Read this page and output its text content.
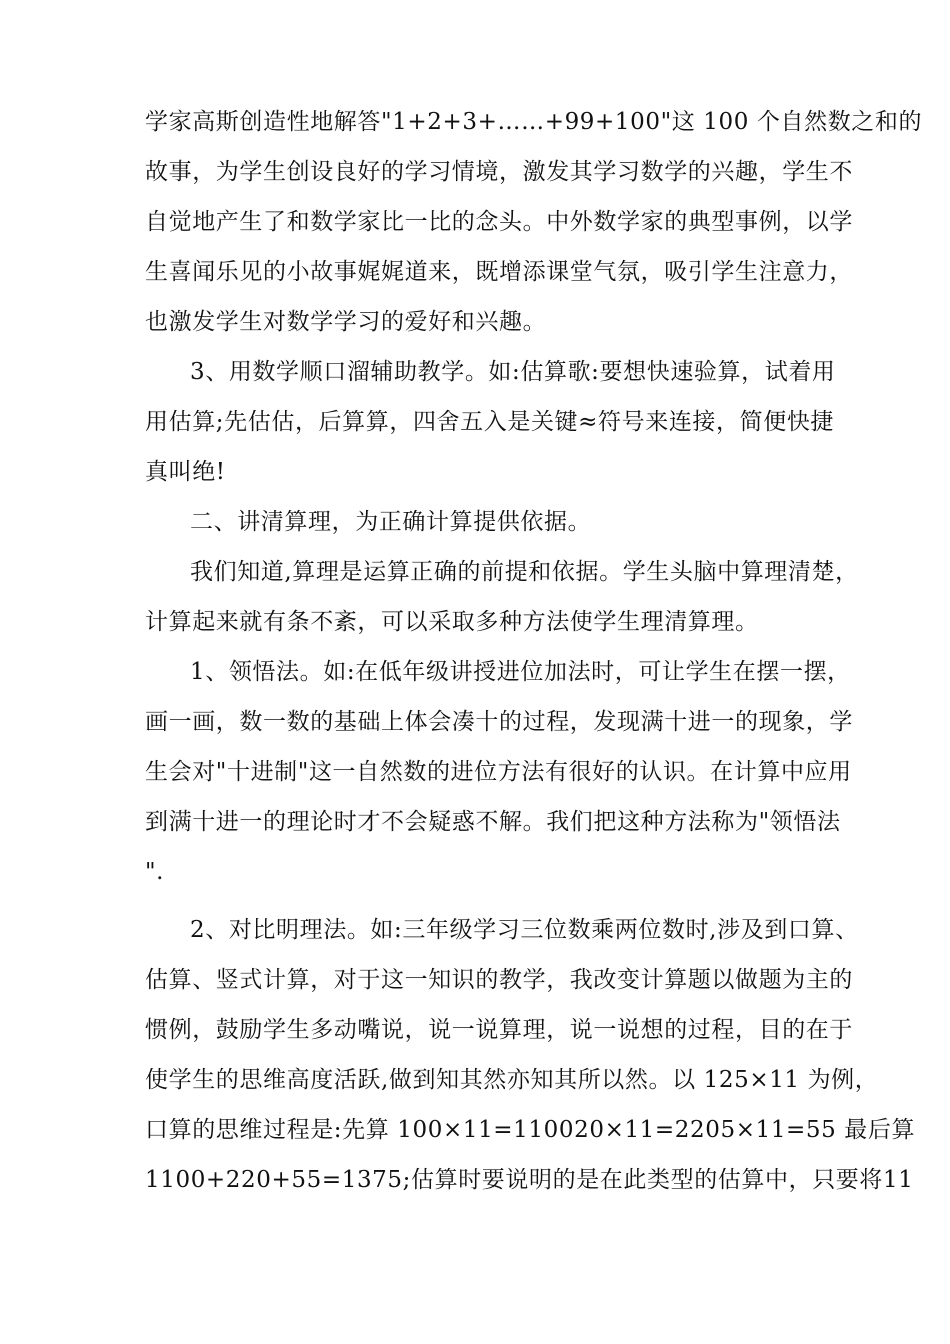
学家高斯创造性地解答"1+2+3+……+99+100"这 100 个自然数之和的
故事，为学生创设良好的学习情境，激发其学习数学的兴趣，学生不
自觉地产生了和数学家比一比的念头。中外数学家的典型事例，以学
生喜闻乐见的小故事娓娓道来，既增添课堂气氛，吸引学生注意力，
也激发学生对数学学习的爱好和兴趣。
3、用数学顺口溜辅助教学。如:估算歌:要想快速验算，试着用
用估算;先估估，后算算，四舍五入是关键≈符号来连接，简便快捷
真叫绝!
二、讲清算理，为正确计算提供依据。
我们知道,算理是运算正确的前提和依据。学生头脑中算理清楚，
计算起来就有条不紊，可以采取多种方法使学生理清算理。
1、领悟法。如:在低年级讲授进位加法时，可让学生在摆一摆，
画一画，数一数的基础上体会凑十的过程，发现满十进一的现象，学
生会对"十进制"这一自然数的进位方法有很好的认识。在计算中应用
到满十进一的理论时才不会疑惑不解。我们把这种方法称为"领悟法
".
2、对比明理法。如:三年级学习三位数乘两位数时,涉及到口算、
估算、竖式计算，对于这一知识的教学，我改变计算题以做题为主的
惯例，鼓励学生多动嘴说，说一说算理，说一说想的过程，目的在于
使学生的思维高度活跃,做到知其然亦知其所以然。以 125×11 为例，
口算的思维过程是:先算 100×11=110020×11=2205×11=55 最后算
1100+220+55=1375;估算时要说明的是在此类型的估算中，只要将11
